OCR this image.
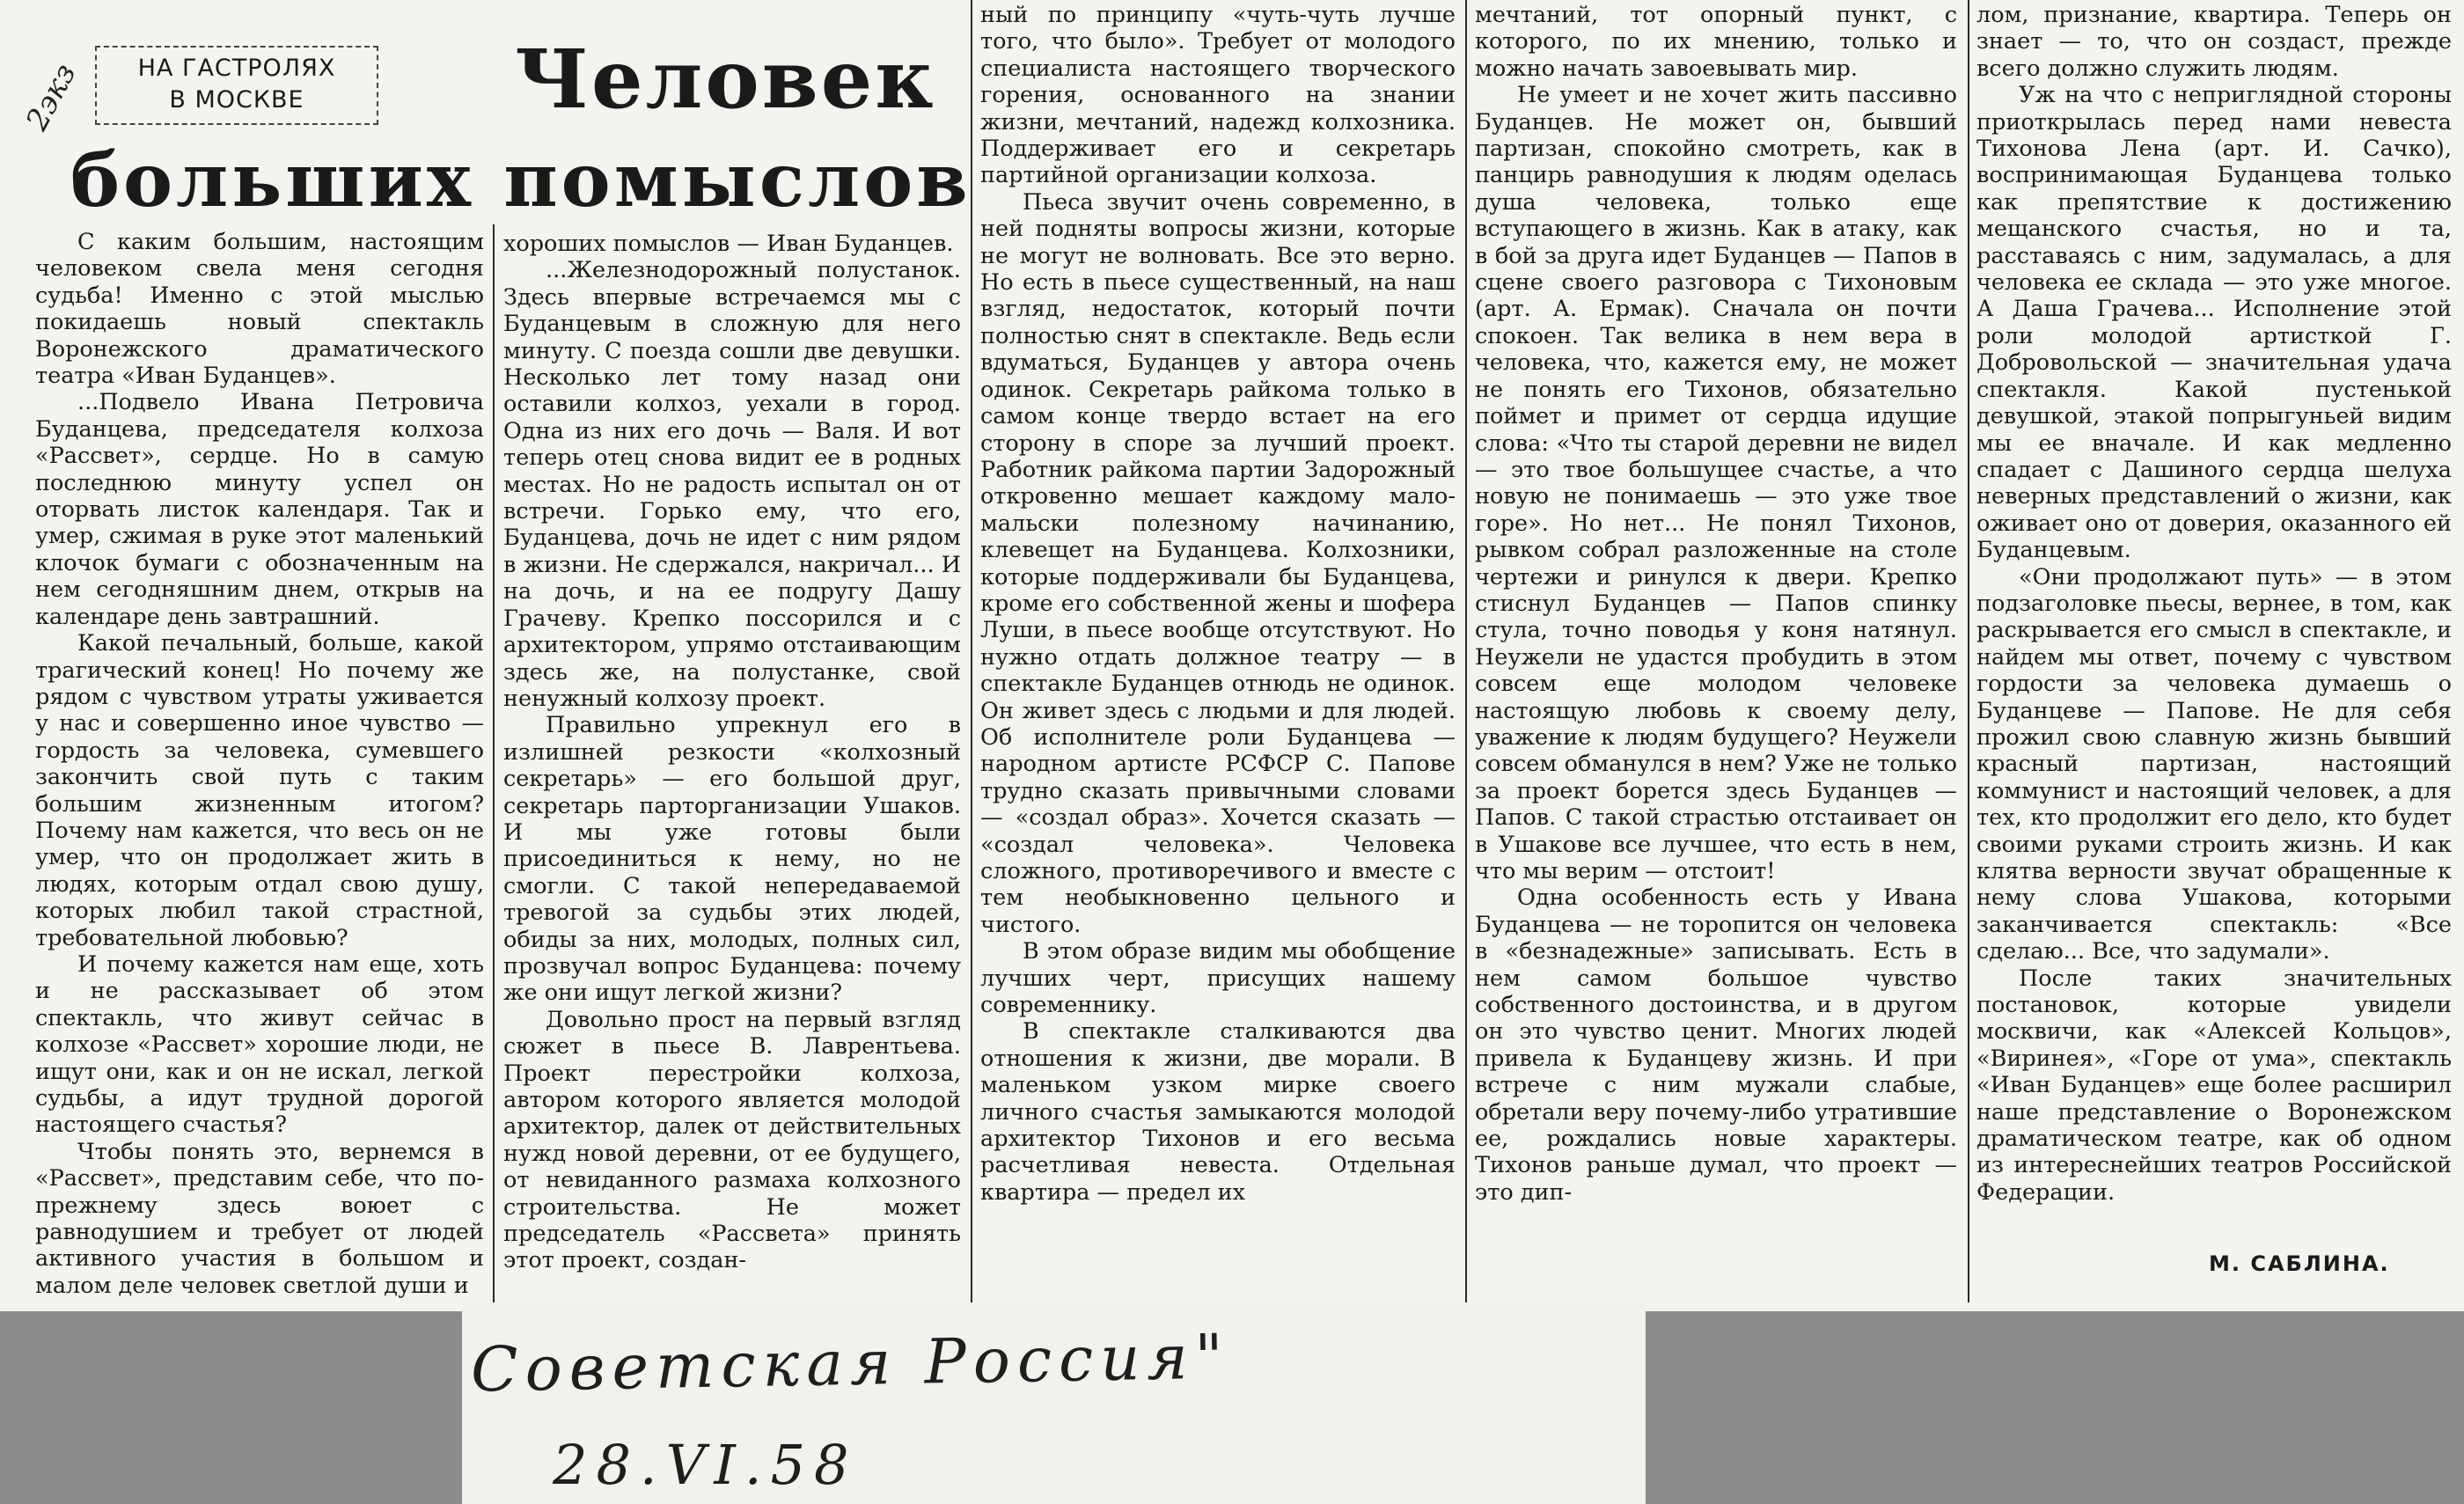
НА ГАСТРОЛЯХ
В МОСКВЕ	Человек
больших помыслов
2экз

С каким большим, настоящим человеком свела меня сегодня судьба! Именно с этой мыслью покидаешь новый спектакль Воронежского драматического театра «Иван Буданцев».

...Подвело Ивана Петровича Буданцева, председателя колхоза «Рассвет», сердце. Но в самую последнюю минуту успел он оторвать листок календаря. Так и умер, сжимая в руке этот маленький клочок бумаги с обозначенным на нем сегодняшним днем, открыв на календаре день завтрашний.

Какой печальный, больше, какой трагический конец! Но почему же рядом с чувством утраты уживается у нас и совершенно иное чувство — гордость за человека, сумевшего закончить свой путь с таким большим жизненным итогом? Почему нам кажется, что весь он не умер, что он продолжает жить в людях, которым отдал свою душу, которых любил такой страстной, требовательной любовью?

И почему кажется нам еще, хоть и не рассказывает об этом спектакль, что живут сейчас в колхозе «Рассвет» хорошие люди, не ищут они, как и он не искал, легкой судьбы, а идут трудной дорогой настоящего счастья?

Чтобы понять это, вернемся в «Рассвет», представим себе, что по-прежнему здесь воюет с равнодушием и требует от людей активного участия в большом и малом деле человек светлой души и

хороших помыслов — Иван Буданцев.

...Железнодорожный полустанок. Здесь впервые встречаемся мы с Буданцевым в сложную для него минуту. С поезда сошли две девушки. Несколько лет тому назад они оставили колхоз, уехали в город. Одна из них его дочь — Валя. И вот теперь отец снова видит ее в родных местах. Но не радость испытал он от встречи. Горько ему, что его, Буданцева, дочь не идет с ним рядом в жизни. Не сдержался, накричал... И на дочь, и на ее подругу Дашу Грачеву. Крепко поссорился и с архитектором, упрямо отстаивающим здесь же, на полустанке, свой ненужный колхозу проект.

Правильно упрекнул его в излишней резкости «колхозный секретарь» — его большой друг, секретарь парторганизации Ушаков. И мы уже готовы были присоединиться к нему, но не смогли. С такой непередаваемой тревогой за судьбы этих людей, обиды за них, молодых, полных сил, прозвучал вопрос Буданцева: почему же они ищут легкой жизни?

Довольно прост на первый взгляд сюжет в пьесе В. Лаврентьева. Проект перестройки колхоза, автором которого является молодой архитектор, далек от действительных нужд новой деревни, от ее будущего, от невиданного размаха колхозного строительства. Не может председатель «Рассвета» принять этот проект, создан-

ный по принципу «чуть-чуть лучше того, что было». Требует от молодого специалиста настоящего творческого горения, основанного на знании жизни, мечтаний, надежд колхозника. Поддерживает его и секретарь партийной организации колхоза.

Пьеса звучит очень современно, в ней подняты вопросы жизни, которые не могут не волновать. Все это верно. Но есть в пьесе существенный, на наш взгляд, недостаток, который почти полностью снят в спектакле. Ведь если вдуматься, Буданцев у автора очень одинок. Секретарь райкома только в самом конце твердо встает на его сторону в споре за лучший проект. Работник райкома партии Задорожный откровенно мешает каждому мало-мальски полезному начинанию, клевещет на Буданцева. Колхозники, которые поддерживали бы Буданцева, кроме его собственной жены и шофера Луши, в пьесе вообще отсутствуют. Но нужно отдать должное театру — в спектакле Буданцев отнюдь не одинок. Он живет здесь с людьми и для людей. Об исполнителе роли Буданцева — народном артисте РСФСР С. Папове трудно сказать привычными словами — «создал образ». Хочется сказать — «создал человека». Человека сложного, противоречивого и вместе с тем необыкновенно цельного и чистого.

В этом образе видим мы обобщение лучших черт, присущих нашему современнику.

В спектакле сталкиваются два отношения к жизни, две морали. В маленьком узком мирке своего личного счастья замыкаются молодой архитектор Тихонов и его весьма расчетливая невеста. Отдельная квартира — предел их

мечтаний, тот опорный пункт, с которого, по их мнению, только и можно начать завоевывать мир.

Не умеет и не хочет жить пассивно Буданцев. Не может он, бывший партизан, спокойно смотреть, как в панцирь равнодушия к людям оделась душа человека, только еще вступающего в жизнь. Как в атаку, как в бой за друга идет Буданцев — Папов в сцене своего разговора с Тихоновым (арт. А. Ермак). Сначала он почти спокоен. Так велика в нем вера в человека, что, кажется ему, не может не понять его Тихонов, обязательно поймет и примет от сердца идущие слова: «Что ты старой деревни не видел — это твое большущее счастье, а что новую не понимаешь — это уже твое горе». Но нет... Не понял Тихонов, рывком собрал разложенные на столе чертежи и ринулся к двери. Крепко стиснул Буданцев — Папов спинку стула, точно поводья у коня натянул. Неужели не удастся пробудить в этом совсем еще молодом человеке настоящую любовь к своему делу, уважение к людям будущего? Неужели совсем обманулся в нем? Уже не только за проект борется здесь Буданцев — Папов. С такой страстью отстаивает он в Ушакове все лучшее, что есть в нем, что мы верим — отстоит!

Одна особенность есть у Ивана Буданцева — не торопится он человека в «безнадежные» записывать. Есть в нем самом большое чувство собственного достоинства, и в другом он это чувство ценит. Многих людей привела к Буданцеву жизнь. И при встрече с ним мужали слабые, обретали веру почему-либо утратившие ее, рождались новые характеры. Тихонов раньше думал, что проект — это дип-

лом, признание, квартира. Теперь он знает — то, что он создаст, прежде всего должно служить людям.

Уж на что с неприглядной стороны приоткрылась перед нами невеста Тихонова Лена (арт. И. Сачко), воспринимающая Буданцева только как препятствие к достижению мещанского счастья, но и та, расставаясь с ним, задумалась, а для человека ее склада — это уже многое. А Даша Грачева... Исполнение этой роли молодой артисткой Г. Добровольской — значительная удача спектакля. Какой пустенькой девушкой, этакой попрыгуньей видим мы ее вначале. И как медленно спадает с Дашиного сердца шелуха неверных представлений о жизни, как оживает оно от доверия, оказанного ей Буданцевым.

«Они продолжают путь» — в этом подзаголовке пьесы, вернее, в том, как раскрывается его смысл в спектакле, и найдем мы ответ, почему с чувством гордости за человека думаешь о Буданцеве — Папове. Не для себя прожил свою славную жизнь бывший красный партизан, настоящий коммунист и настоящий человек, а для тех, кто продолжит его дело, кто будет своими руками строить жизнь. И как клятва верности звучат обращенные к нему слова Ушакова, которыми заканчивается спектакль: «Все сделаю... Все, что задумали».

После таких значительных постановок, которые увидели москвичи, как «Алексей Кольцов», «Виринея», «Горе от ума», спектакль «Иван Буданцев» еще более расширил наше представление о Воронежском драматическом театре, как об одном из интереснейших театров Российской Федерации.

М. САБЛИНА.
Советская Россия"
28.VI.58
